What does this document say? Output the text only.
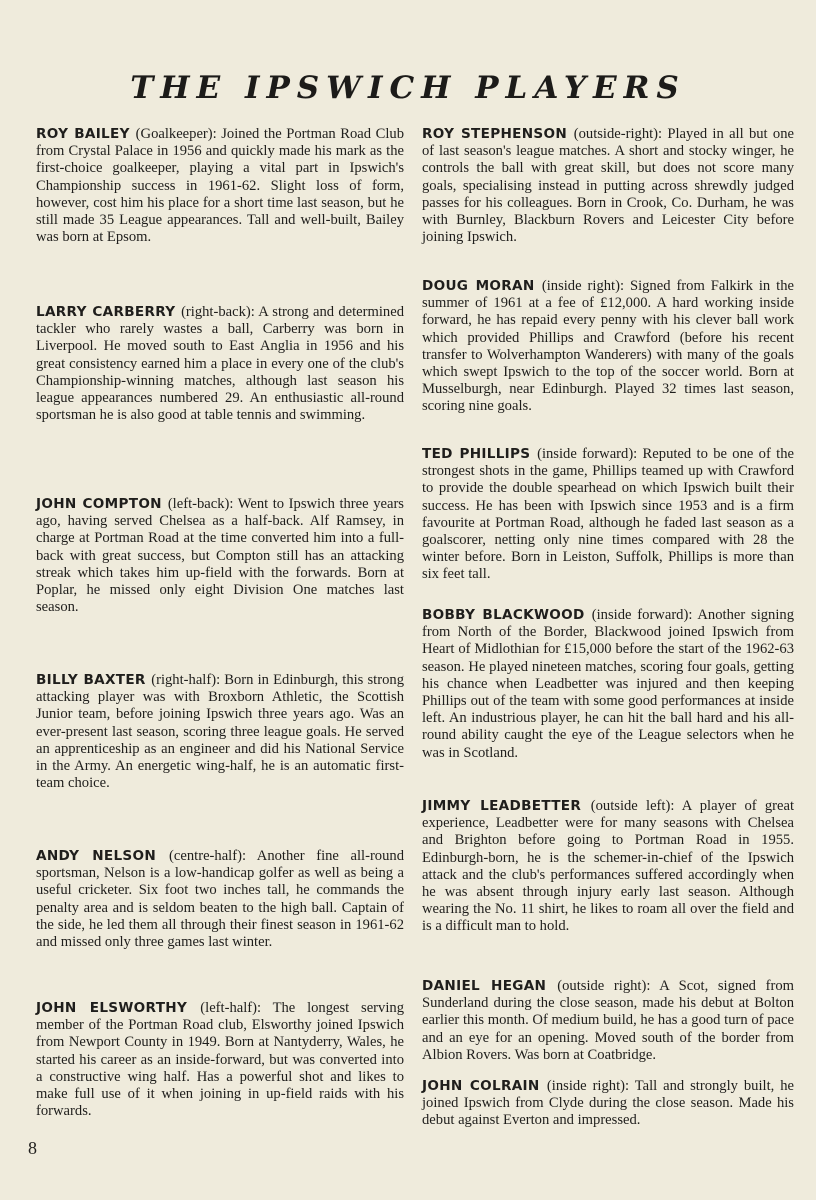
THE IPSWICH PLAYERS
ROY BAILEY (Goalkeeper): Joined the Portman Road Club from Crystal Palace in 1956 and quickly made his mark as the first-choice goalkeeper, playing a vital part in Ipswich's Championship success in 1961-62. Slight loss of form, however, cost him his place for a short time last season, but he still made 35 League appearances. Tall and well-built, Bailey was born at Epsom.
LARRY CARBERRY (right-back): A strong and determined tackler who rarely wastes a ball, Carberry was born in Liverpool. He moved south to East Anglia in 1956 and his great consistency earned him a place in every one of the club's Championship-winning matches, although last season his league appearances numbered 29. An enthusiastic all-round sportsman he is also good at table tennis and swimming.
JOHN COMPTON (left-back): Went to Ipswich three years ago, having served Chelsea as a half-back. Alf Ramsey, in charge at Portman Road at the time converted him into a full-back with great success, but Compton still has an attacking streak which takes him up-field with the forwards. Born at Poplar, he missed only eight Division One matches last season.
BILLY BAXTER (right-half): Born in Edinburgh, this strong attacking player was with Broxborn Athletic, the Scottish Junior team, before joining Ipswich three years ago. Was an ever-present last season, scoring three league goals. He served an apprenticeship as an engineer and did his National Service in the Army. An energetic wing-half, he is an automatic first-team choice.
ANDY NELSON (centre-half): Another fine all-round sportsman, Nelson is a low-handicap golfer as well as being a useful cricketer. Six foot two inches tall, he commands the penalty area and is seldom beaten to the high ball. Captain of the side, he led them all through their finest season in 1961-62 and missed only three games last winter.
JOHN ELSWORTHY (left-half): The longest serving member of the Portman Road club, Elsworthy joined Ipswich from Newport County in 1949. Born at Nantyderry, Wales, he started his career as an inside-forward, but was converted into a constructive wing half. Has a powerful shot and likes to make full use of it when joining in up-field raids with his forwards.
ROY STEPHENSON (outside-right): Played in all but one of last season's league matches. A short and stocky winger, he controls the ball with great skill, but does not score many goals, specialising instead in putting across shrewdly judged passes for his colleagues. Born in Crook, Co. Durham, he was with Burnley, Blackburn Rovers and Leicester City before joining Ipswich.
DOUG MORAN (inside right): Signed from Falkirk in the summer of 1961 at a fee of £12,000. A hard working inside forward, he has repaid every penny with his clever ball work which provided Phillips and Crawford (before his recent transfer to Wolverhampton Wanderers) with many of the goals which swept Ipswich to the top of the soccer world. Born at Musselburgh, near Edinburgh. Played 32 times last season, scoring nine goals.
TED PHILLIPS (inside forward): Reputed to be one of the strongest shots in the game, Phillips teamed up with Crawford to provide the double spearhead on which Ipswich built their success. He has been with Ipswich since 1953 and is a firm favourite at Portman Road, although he faded last season as a goalscorer, netting only nine times compared with 28 the winter before. Born in Leiston, Suffolk, Phillips is more than six feet tall.
BOBBY BLACKWOOD (inside forward): Another signing from North of the Border, Blackwood joined Ipswich from Heart of Midlothian for £15,000 before the start of the 1962-63 season. He played nineteen matches, scoring four goals, getting his chance when Leadbetter was injured and then keeping Phillips out of the team with some good performances at inside left. An industrious player, he can hit the ball hard and his all-round ability caught the eye of the League selectors when he was in Scotland.
JIMMY LEADBETTER (outside left): A player of great experience, Leadbetter were for many seasons with Chelsea and Brighton before going to Portman Road in 1955. Edinburgh-born, he is the schemer-in-chief of the Ipswich attack and the club's performances suffered accordingly when he was absent through injury early last season. Although wearing the No. 11 shirt, he likes to roam all over the field and is a difficult man to hold.
DANIEL HEGAN (outside right): A Scot, signed from Sunderland during the close season, made his debut at Bolton earlier this month. Of medium build, he has a good turn of pace and an eye for an opening. Moved south of the border from Albion Rovers. Was born at Coatbridge.
JOHN COLRAIN (inside right): Tall and strongly built, he joined Ipswich from Clyde during the close season. Made his debut against Everton and impressed.
8
